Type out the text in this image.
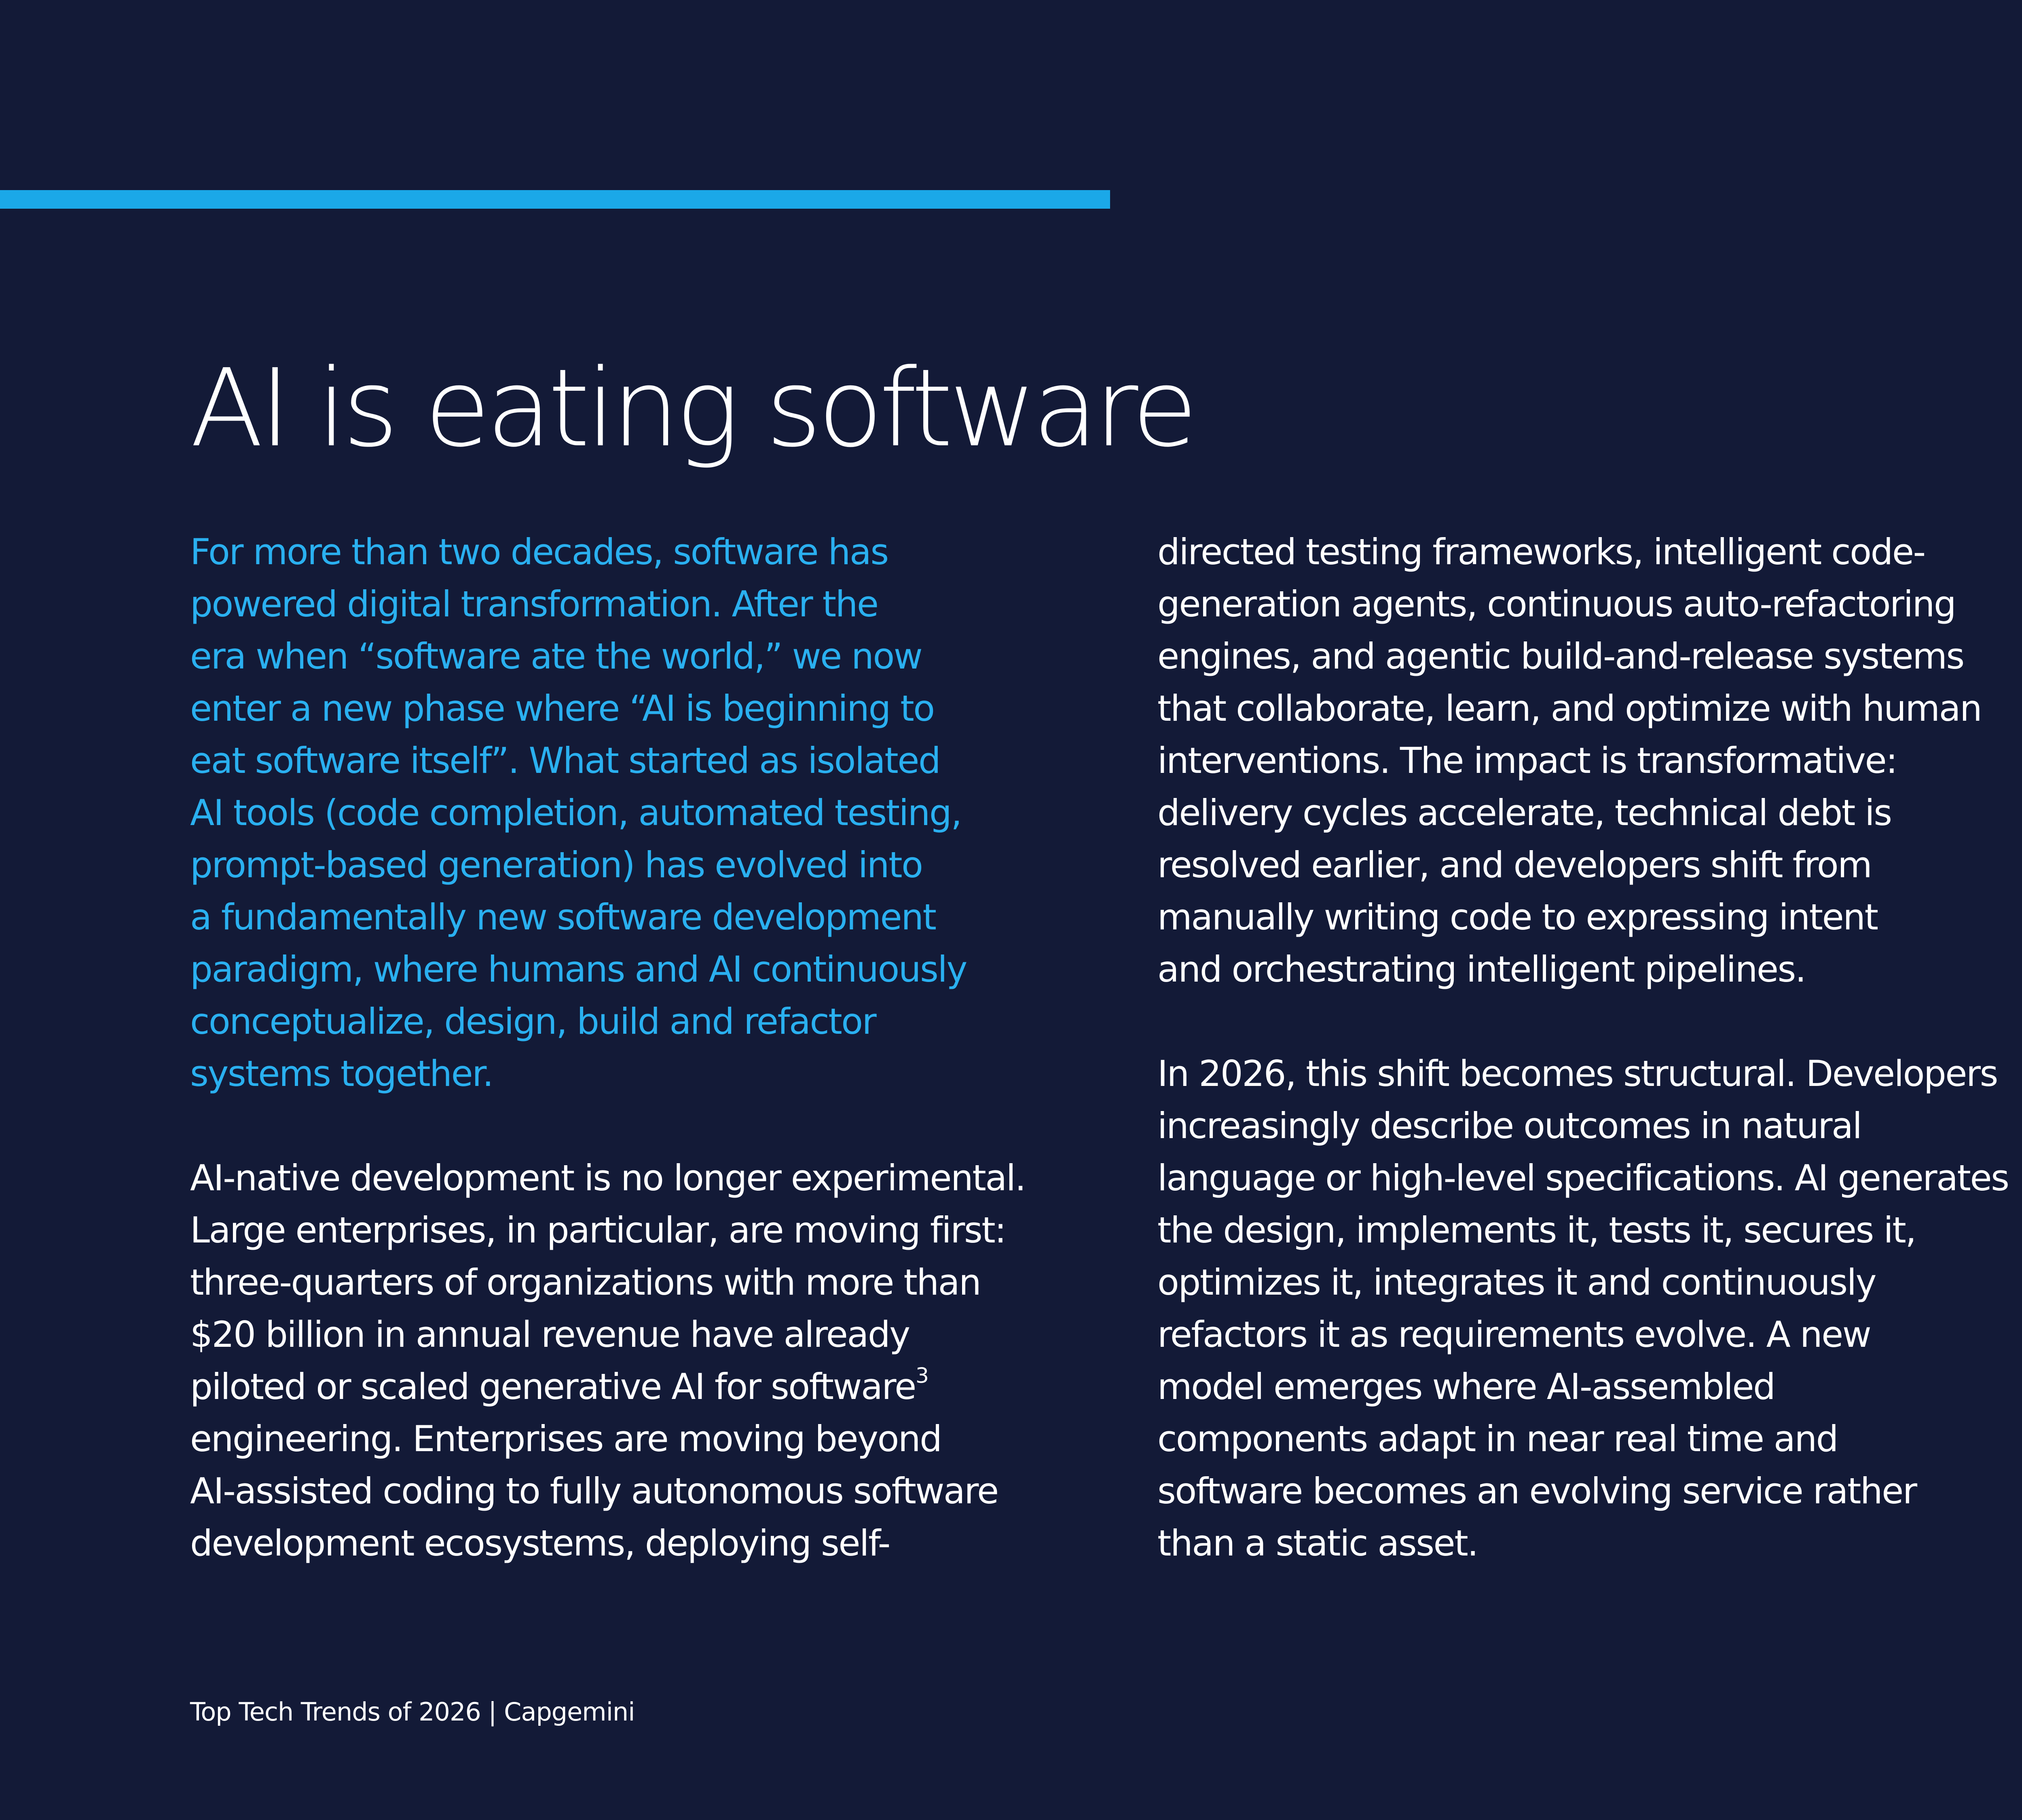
AI is eating software

For more than two decades, software has
powered digital transformation. After the
era when “software ate the world,” we now
enter a new phase where “AI is beginning to
eat software itself”. What started as isolated
AI tools (code completion, automated testing,
prompt-based generation) has evolved into
a fundamentally new software development
paradigm, where humans and AI continuously
conceptualize, design, build and refactor
systems together.

AI-native development is no longer experimental.
Large enterprises, in particular, are moving first:
three-quarters of organizations with more than
$20 billion in annual revenue have already
piloted or scaled generative AI for software$^3$
engineering. Enterprises are moving beyond
AI-assisted coding to fully autonomous software
development ecosystems, deploying self-

directed testing frameworks, intelligent code-
generation agents, continuous auto-refactoring
engines, and agentic build-and-release systems
that collaborate, learn, and optimize with human
interventions. The impact is transformative:
delivery cycles accelerate, technical debt is
resolved earlier, and developers shift from
manually writing code to expressing intent
and orchestrating intelligent pipelines.

In 2026, this shift becomes structural. Developers
increasingly describe outcomes in natural
language or high-level specifications. AI generates
the design, implements it, tests it, secures it,
optimizes it, integrates it and continuously
refactors it as requirements evolve. A new
model emerges where AI-assembled
components adapt in near real time and
software becomes an evolving service rather
than a static asset.

Top Tech Trends of 2026 | Capgemini
